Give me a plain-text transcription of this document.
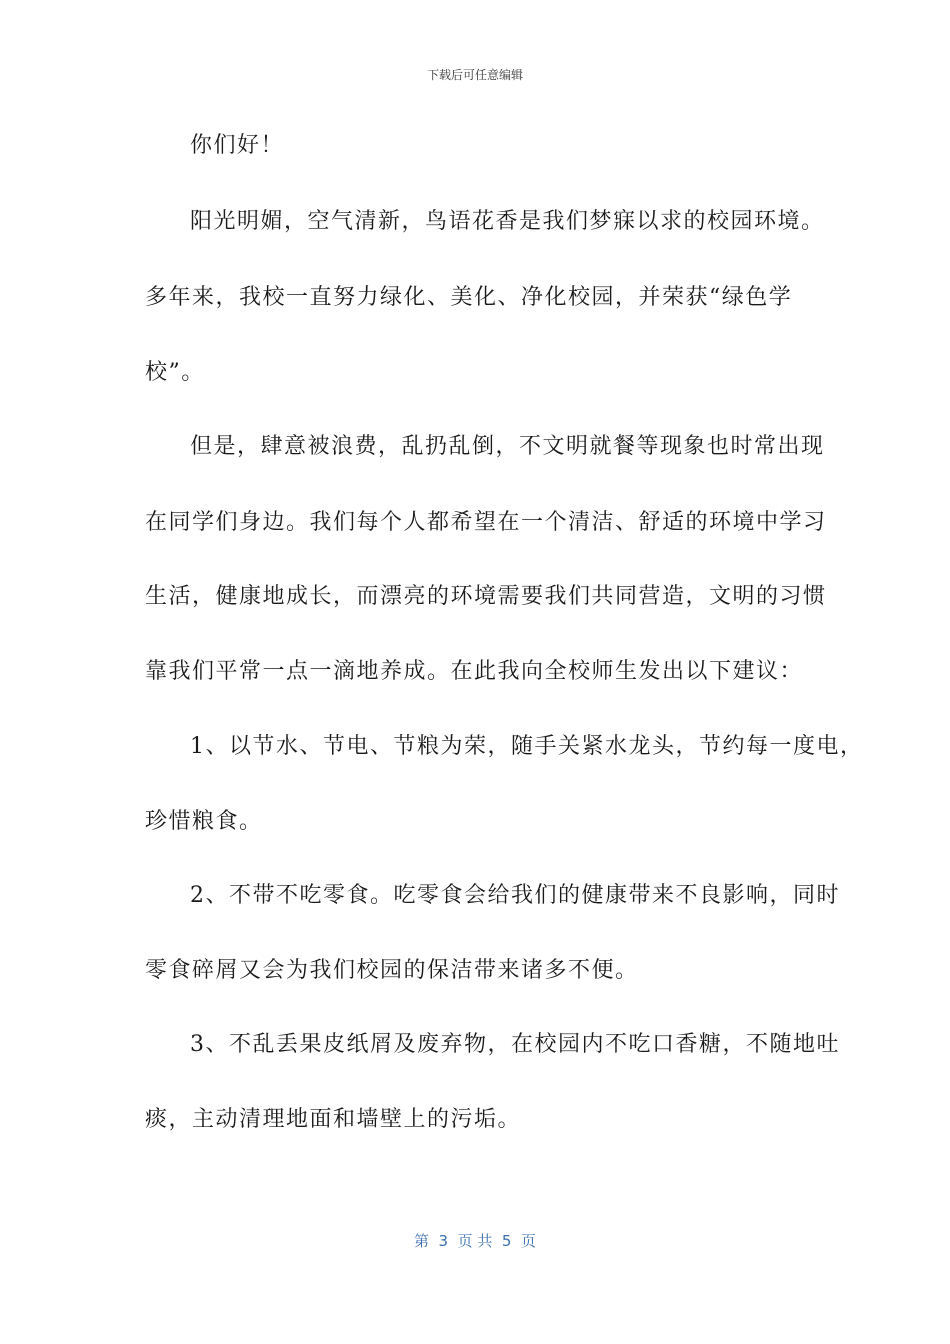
下载后可任意编辑
你们好！
阳光明媚，空气清新，鸟语花香是我们梦寐以求的校园环境。
多年来，我校一直努力绿化、美化、净化校园，并荣获“绿色学
校”。
但是，肆意被浪费，乱扔乱倒，不文明就餐等现象也时常出现
在同学们身边。我们每个人都希望在一个清洁、舒适的环境中学习
生活，健康地成长，而漂亮的环境需要我们共同营造，文明的习惯
靠我们平常一点一滴地养成。在此我向全校师生发出以下建议：
1、以节水、节电、节粮为荣，随手关紧水龙头，节约每一度电，
珍惜粮食。
2、不带不吃零食。吃零食会给我们的健康带来不良影响，同时
零食碎屑又会为我们校园的保洁带来诸多不便。
3、不乱丢果皮纸屑及废弃物，在校园内不吃口香糖，不随地吐
痰，主动清理地面和墙壁上的污垢。
第  3  页 共  5  页
